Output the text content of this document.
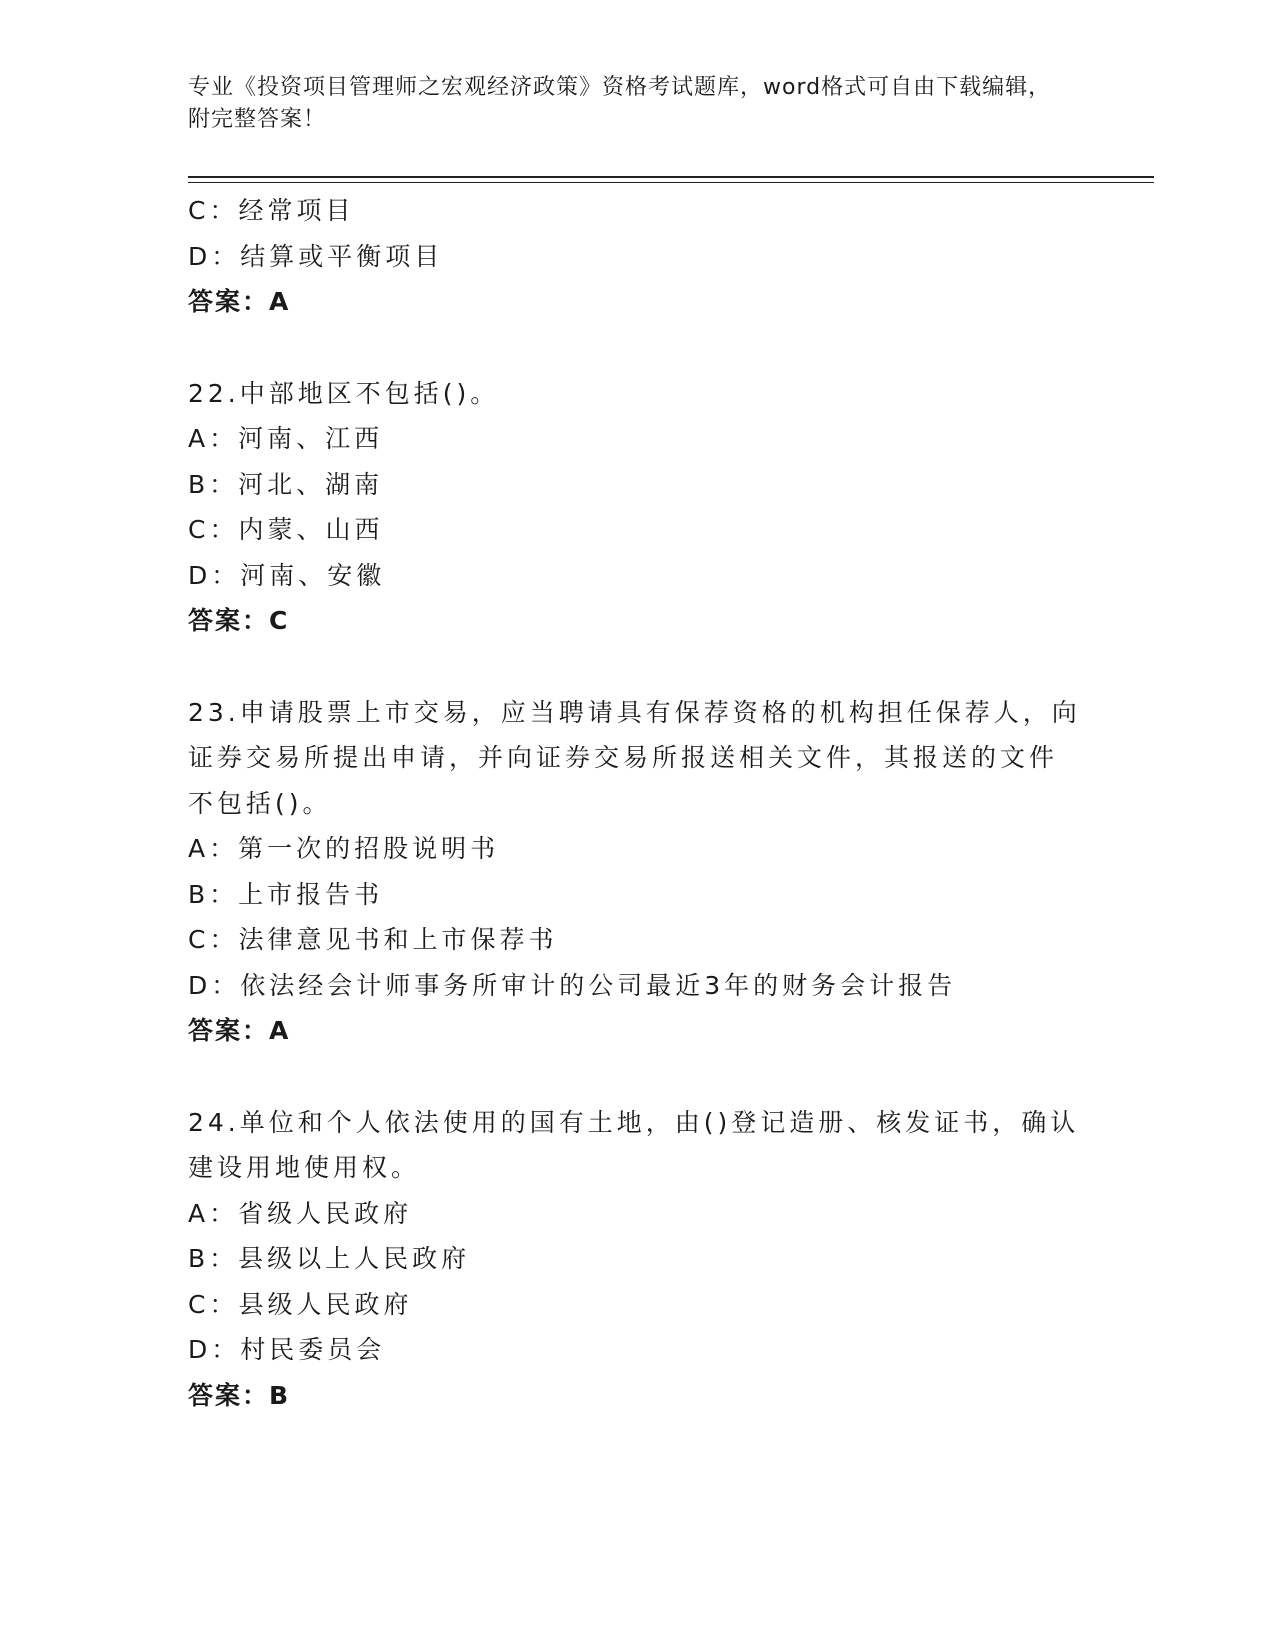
专业《投资项目管理师之宏观经济政策》资格考试题库，word格式可自由下载编辑，附完整答案！
C：经常项目
D：结算或平衡项目
答案：A
22.中部地区不包括()。
A：河南、江西
B：河北、湖南
C：内蒙、山西
D：河南、安徽
答案：C
23.申请股票上市交易，应当聘请具有保荐资格的机构担任保荐人，向
证券交易所提出申请，并向证券交易所报送相关文件，其报送的文件
不包括()。
A：第一次的招股说明书
B：上市报告书
C：法律意见书和上市保荐书
D：依法经会计师事务所审计的公司最近3年的财务会计报告
答案：A
24.单位和个人依法使用的国有土地，由()登记造册、核发证书，确认
建设用地使用权。
A：省级人民政府
B：县级以上人民政府
C：县级人民政府
D：村民委员会
答案：B
